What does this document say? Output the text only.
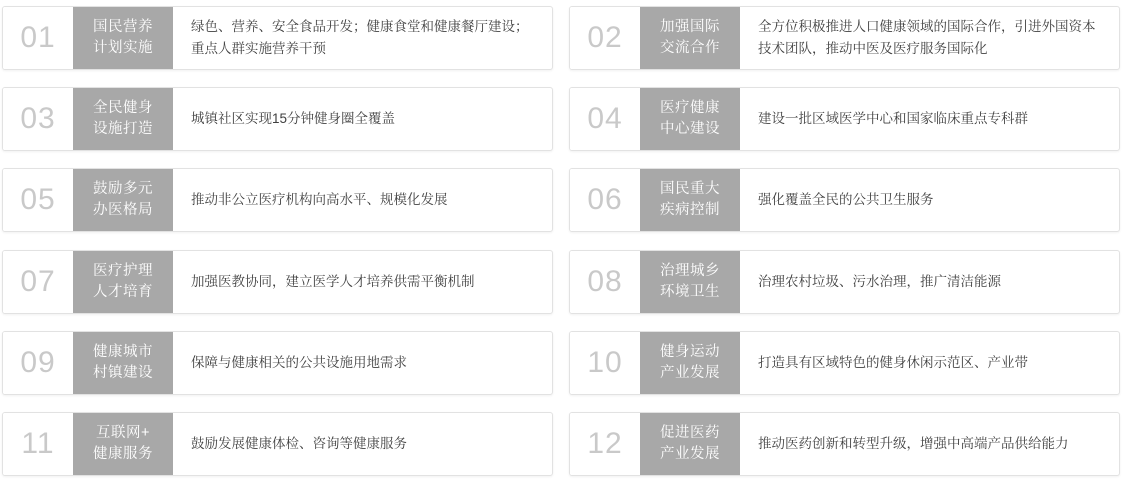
01	国民营养
计划实施

绿色、营养、安全食品开发；健康食堂和健康餐厅建设；重点人群实施营养干预

03	全民健身
设施打造

城镇社区实现15分钟健身圈全覆盖

05	鼓励多元
办医格局

推动非公立医疗机构向高水平、规模化发展

07	医疗护理
人才培育

加强医教协同，建立医学人才培养供需平衡机制

09	健康城市
村镇建设

保障与健康相关的公共设施用地需求

11	互联网+
健康服务

鼓励发展健康体检、咨询等健康服务

02	加强国际
交流合作

全方位积极推进人口健康领域的国际合作，引进外国资本技术团队，推动中医及医疗服务国际化

04	医疗健康
中心建设

建设一批区域医学中心和国家临床重点专科群

06	国民重大
疾病控制

强化覆盖全民的公共卫生服务

08	治理城乡
环境卫生

治理农村垃圾、污水治理，推广清洁能源

10	健身运动
产业发展

打造具有区域特色的健身休闲示范区、产业带

12	促进医药
产业发展

推动医药创新和转型升级，增强中高端产品供给能力
